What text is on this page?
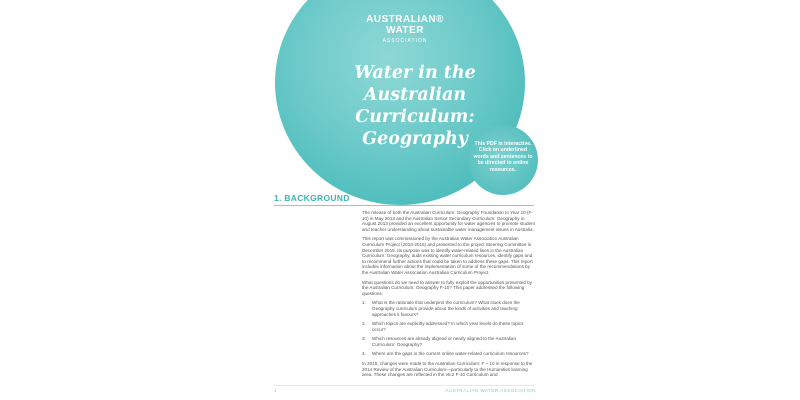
AUSTRALIAN®
WATER
ASSOCIATION
Water in the
Australian
Curriculum:
Geography	This PDF is interactive. Click on underlined words and sentences to be directed to online resources.
1. BACKGROUND

The release of both the Australian Curriculum: Geography Foundation to Year 10 (F-10) in May 2013 and the Australian Senior Secondary Curriculum: Geography in August 2013 provided an excellent opportunity for water agencies to promote student and teacher understanding about sustainable water management issues in Australia.

This report was commissioned by the Australian Water Association Australian Curriculum Project (2013-2015) and presented to the project Steering Committee in December 2015. Its purpose was to identify water-related lines in the Australian Curriculum: Geography, audit existing water curriculum resources, identify gaps and to recommend further actions that could be taken to address these gaps. This report includes information about the implementation of some of the recommendations by the Australian Water Association Australian Curriculum Project.

What questions do we need to answer to fully exploit the opportunities presented by the Australian Curriculum: Geography F-10? This paper addressed the following questions:

1.	What is the rationale that underpins the curriculum? What clues does the Geography curriculum provide about the kinds of activities and teaching approaches it favours?
2.	Which topics are explicitly addressed? In which year levels do these topics occur?
3.	Which resources are already aligned or nearly aligned to the Australian Curriculum: Geography?
4.	Where are the gaps in the current online water-related curriculum resources?

In 2015, changes were made to the Australian Curriculum: F – 10 in response to the 2014 Review of the Australian Curriculum—particularly to the Humanities learning area. These changes are reflected in the v8.2 F-10 Curriculum and

1	AUSTRALIAN WATER ASSOCIATION
